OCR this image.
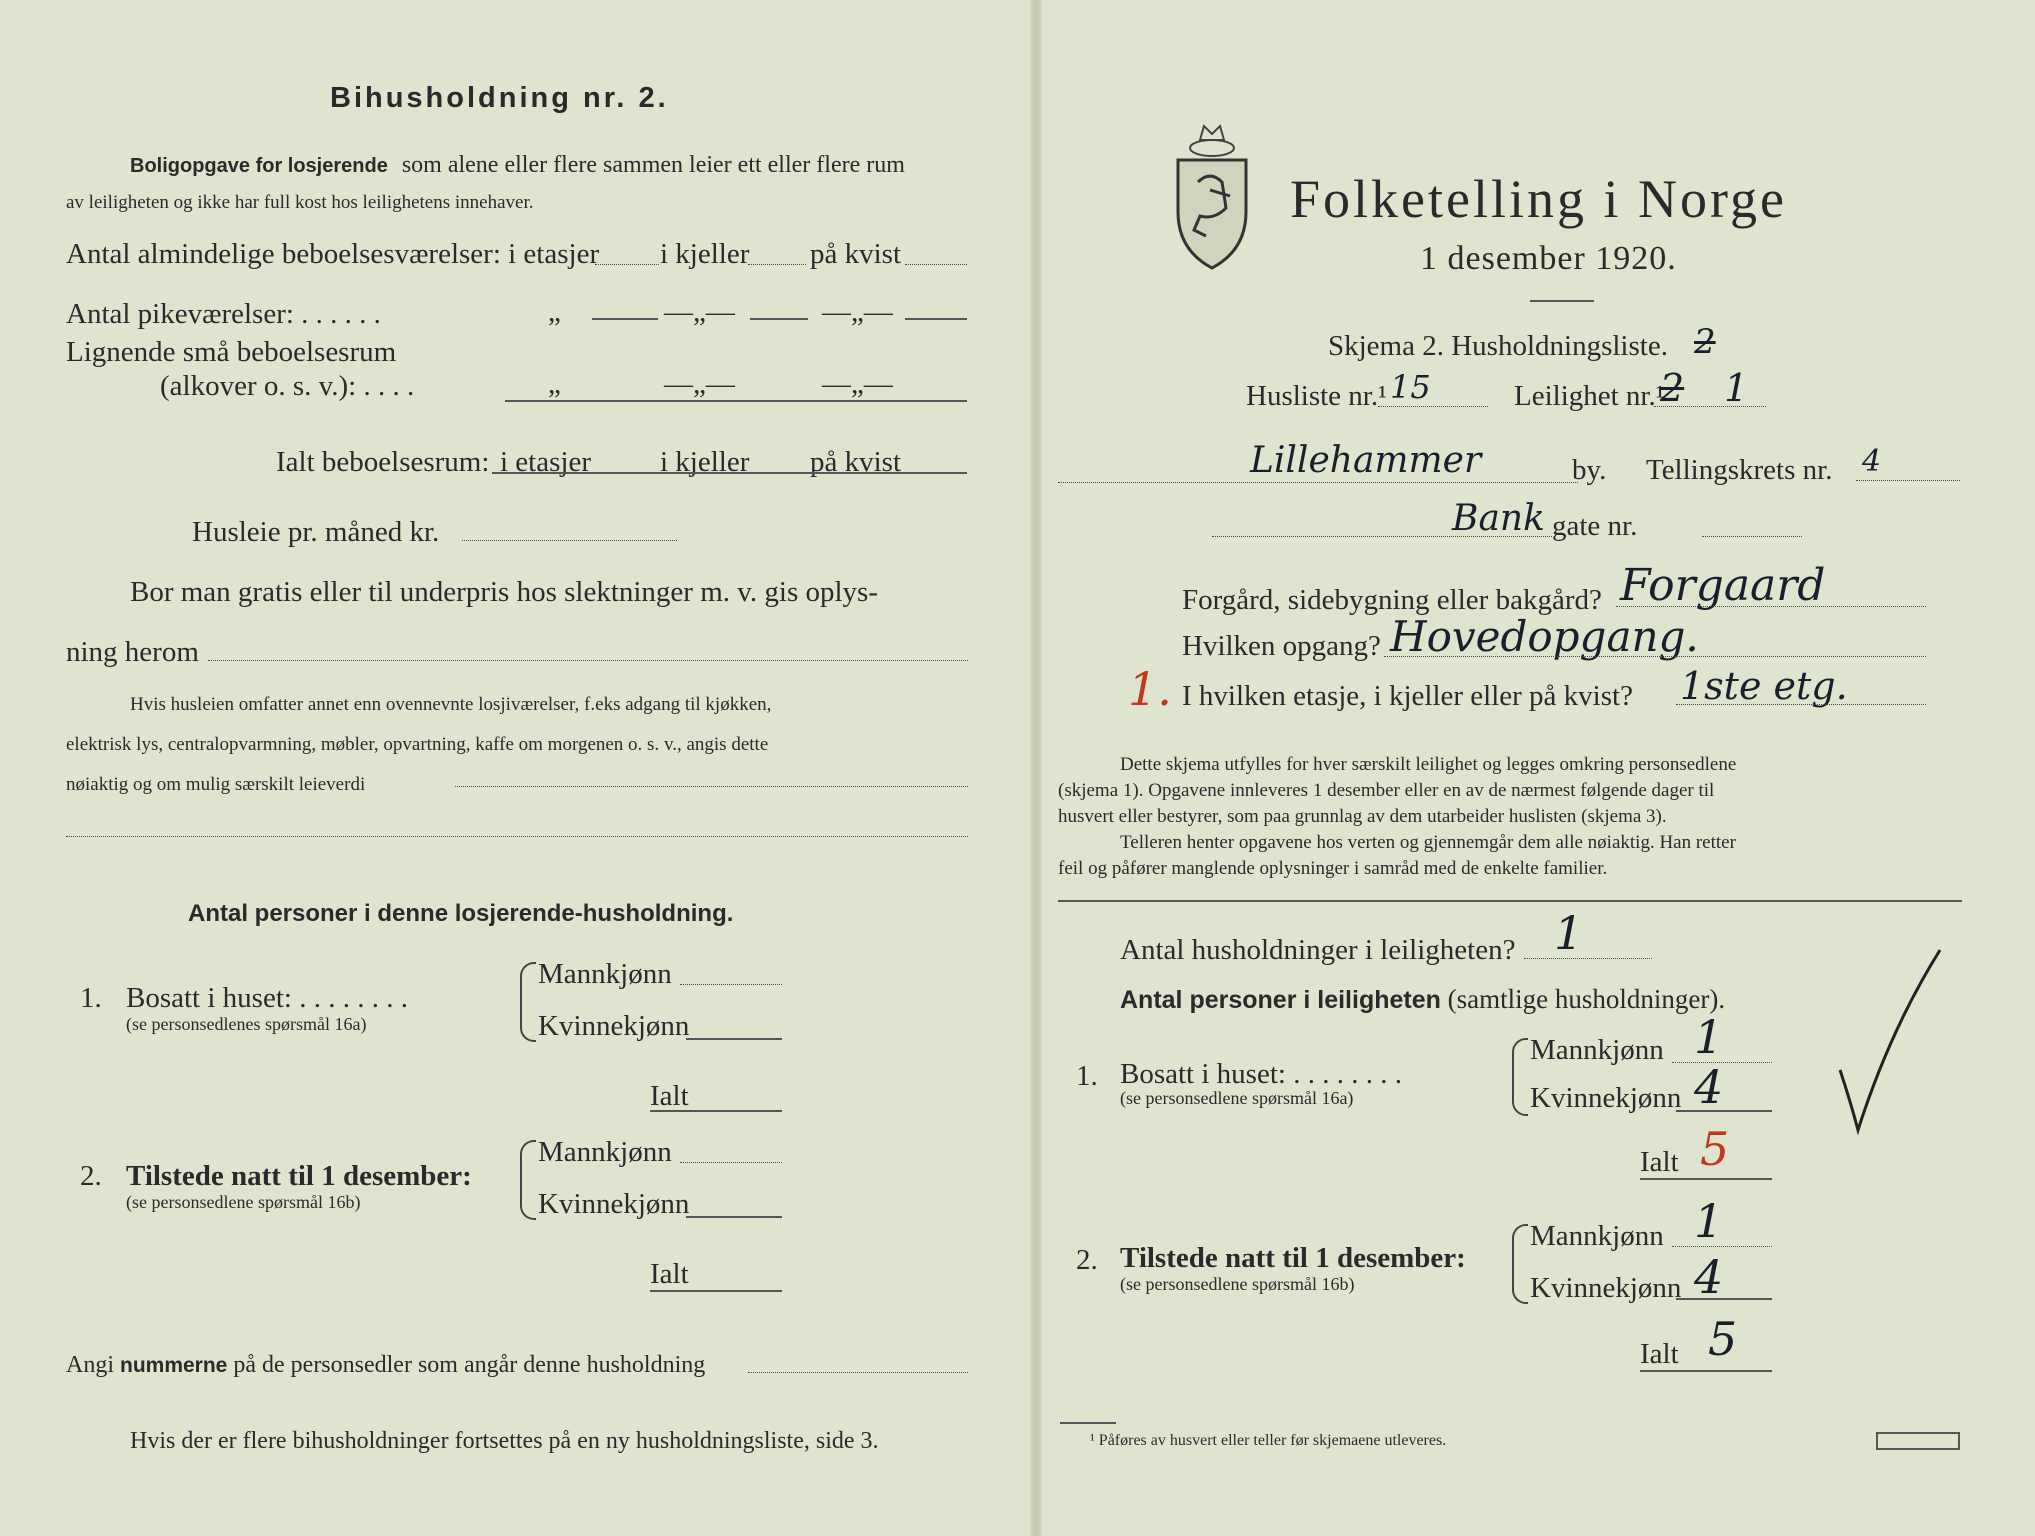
Bihusholdning nr. 2.
Boligopgave for losjerende som alene eller flere sammen leier ett eller flere rum
av leiligheten og ikke har full kost hos leilighetens innehaver.
Antal almindelige beboelsesværelser: i etasjer i kjeller på kvist
Antal pikeværelser: . . . . . .	„	—„—	—„—
Lignende små beboelsesrum
(alkover o. s. v.): . . . .	„	—„—	—„—
Ialt beboelsesrum: i etasjer i kjeller på kvist
Husleie pr. måned kr.
Bor man gratis eller til underpris hos slektninger m. v. gis oplys-
ning herom
Hvis husleien omfatter annet enn ovennevnte losjiværelser, f.eks adgang til kjøkken,
elektrisk lys, centralopvarmning, møbler, opvartning, kaffe om morgenen o. s. v., angis dette
nøiaktig og om mulig særskilt leieverdi
Antal personer i denne losjerende-husholdning.
1. Bosatt i huset: . . . . . . . .
(se personsedlenes spørsmål 16a)
Mannkjønn
Kvinnekjønn
Ialt
2. Tilstede natt til 1 desember:
(se personsedlene spørsmål 16b)
Mannkjønn
Kvinnekjønn
Ialt
Angi nummerne på de personsedler som angår denne husholdning
Hvis der er flere bihusholdninger fortsettes på en ny husholdningsliste, side 3.
Folketelling i Norge
1 desember 1920.
Skjema 2. Husholdningsliste. 2
Husliste nr.¹ 15	Leilighet nr.¹
2 1
Lillehammer	by. Tellingskrets nr. 4
Bank gate nr.
Forgård, sidebygning eller bakgård? Forgaard
Hvilken opgang? Hovedopgang.
1. I hvilken etasje, i kjeller eller på kvist? 1ste etg.
Dette skjema utfylles for hver særskilt leilighet og legges omkring personsedlene
(skjema 1). Opgavene innleveres 1 desember eller en av de nærmest følgende dager til
husvert eller bestyrer, som paa grunnlag av dem utarbeider huslisten (skjema 3).
Telleren henter opgavene hos verten og gjennemgår dem alle nøiaktig. Han retter
feil og påfører manglende oplysninger i samråd med de enkelte familier.
Antal husholdninger i leiligheten? 1
Antal personer i leiligheten (samtlige husholdninger).
1. Bosatt i huset: . . . . . . . .
(se personsedlene spørsmål 16a)
Mannkjønn 1
Kvinnekjønn 4
Ialt 5
2. Tilstede natt til 1 desember:
(se personsedlene spørsmål 16b)
Mannkjønn 1
Kvinnekjønn 4
Ialt 5
¹ Påføres av husvert eller teller før skjemaene utleveres.
